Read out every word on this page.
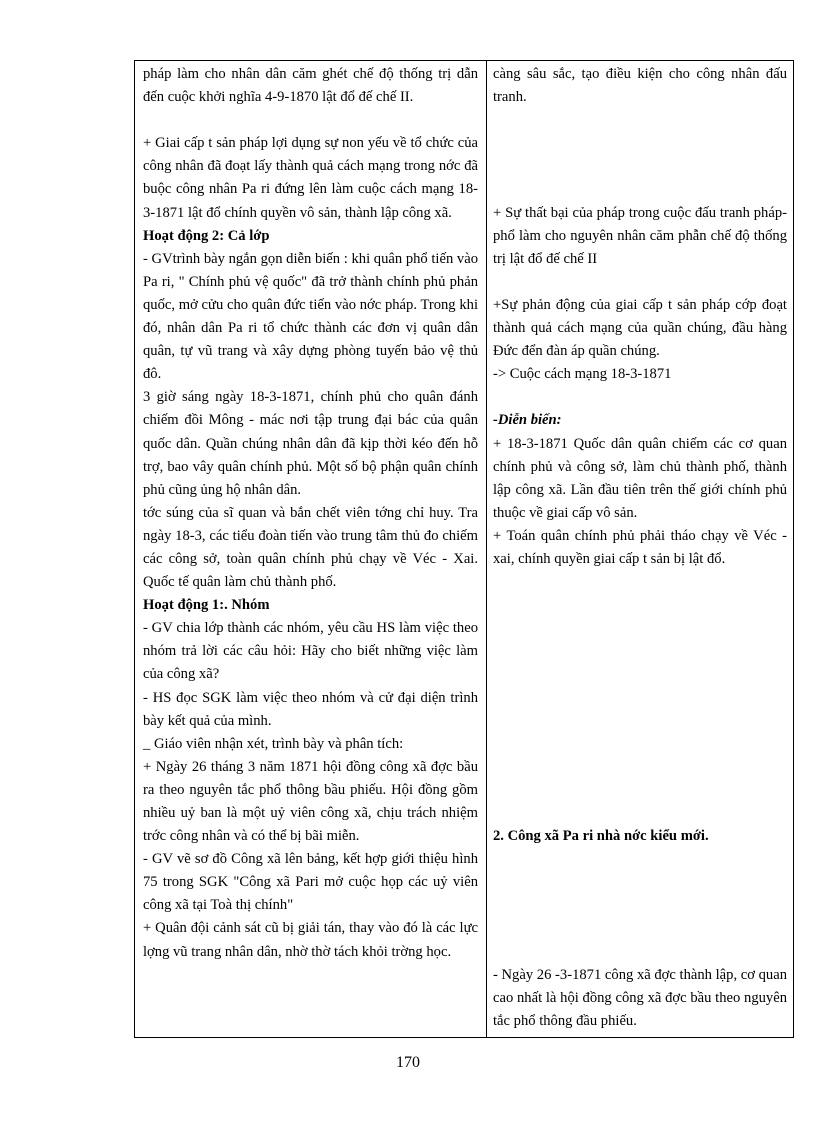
pháp làm cho nhân dân căm ghét chế độ thống trị dẫn đến cuộc khởi nghĩa 4-9-1870 lật đổ đế chế II.

+ Giai cấp t sản pháp lợi dụng sự non yếu về tổ chức của công nhân đã đoạt lấy thành quả cách mạng trong nớc đã buộc công nhân Pa ri đứng lên làm cuộc cách mạng 18-3-1871 lật đổ chính quyền vô sản, thành lập công xã.

Hoạt động 2: Cả lớp

- GVtrình bày ngắn gọn diễn biến : khi quân phổ tiến vào Pa ri, " Chính phủ vệ quốc" đã trở thành chính phủ phản quốc, mở cửu cho quân đức tiến vào nớc pháp. Trong khi đó, nhân dân Pa ri tổ chức thành các đơn vị quân dân quân, tự vũ trang và xây dựng phòng tuyến bảo vệ thủ đô.

3 giờ sáng ngày 18-3-1871, chính phủ cho quân đánh chiếm đồi Mông - mác nơi tập trung đại bác của quân quốc dân. Quần chúng nhân dân đã kịp thời kéo đến hỗ trợ, bao vây quân chính phủ. Một số bộ phận quân chính phủ cũng ủng hộ nhân dân.

tớc súng của sĩ quan và bắn chết viên tớng chỉ huy. Tra ngày 18-3, các tiểu đoàn tiến vào trung tâm thủ đo chiếm các công sở, toàn quân chính phủ chạy về Véc - Xai. Quốc tế quân làm chủ thành phố.

Hoạt động 1:. Nhóm

- GV chia lớp thành các nhóm, yêu cầu HS làm việc theo nhóm trả lời các câu hỏi: Hãy cho biết những việc làm của công xã?

- HS đọc SGK làm việc theo nhóm và cử đại diện trình bày kết quả của mình.

_ Giáo viên nhận xét, trình bày và phân tích:

+ Ngày 26 tháng 3 năm 1871 hội đồng công xã đợc bầu ra theo nguyên tắc phổ thông bầu phiếu. Hội đồng gồm nhiều uỷ ban là một uỷ viên công xã, chịu trách nhiệm trớc công nhân và có thể bị bãi miễn.

- GV vẽ sơ đồ Công xã lên bảng, kết hợp giới thiệu hình 75 trong SGK "Công xã Pari mở cuộc họp các uỷ viên công xã tại Toà thị chính"

+ Quân đội cảnh sát cũ bị giải tán, thay vào đó là các lực lợng vũ trang nhân dân, nhờ thờ tách khỏi trờng học.

càng sâu sắc, tạo điều kiện cho công nhân đấu tranh.

+ Sự thất bại của pháp trong cuộc đấu tranh pháp-phổ làm cho nguyên nhân căm phẫn chế độ thống trị lật đổ đế chế II

+Sự phản động của giai cấp t sản pháp cớp đoạt thành quả cách mạng của quần chúng, đầu hàng Đức đển đàn áp quần chúng.

-> Cuộc cách mạng 18-3-1871

-Diễn biến:

+ 18-3-1871 Quốc dân quân chiếm các cơ quan chính phủ và công sở, làm chủ thành phố, thành lập công xã. Lần đầu tiên trên thế giới chính phủ thuộc về giai cấp vô sản.

+ Toán quân chính phủ phải tháo chạy về Véc - xai, chính quyền giai cấp t sản bị lật đổ.

2. Công xã Pa ri nhà nớc kiểu mới.

- Ngày 26 -3-1871 công xã đợc thành lập, cơ quan cao nhất là hội đồng công xã đợc bầu theo nguyên tắc phổ thông đầu phiếu.

170
